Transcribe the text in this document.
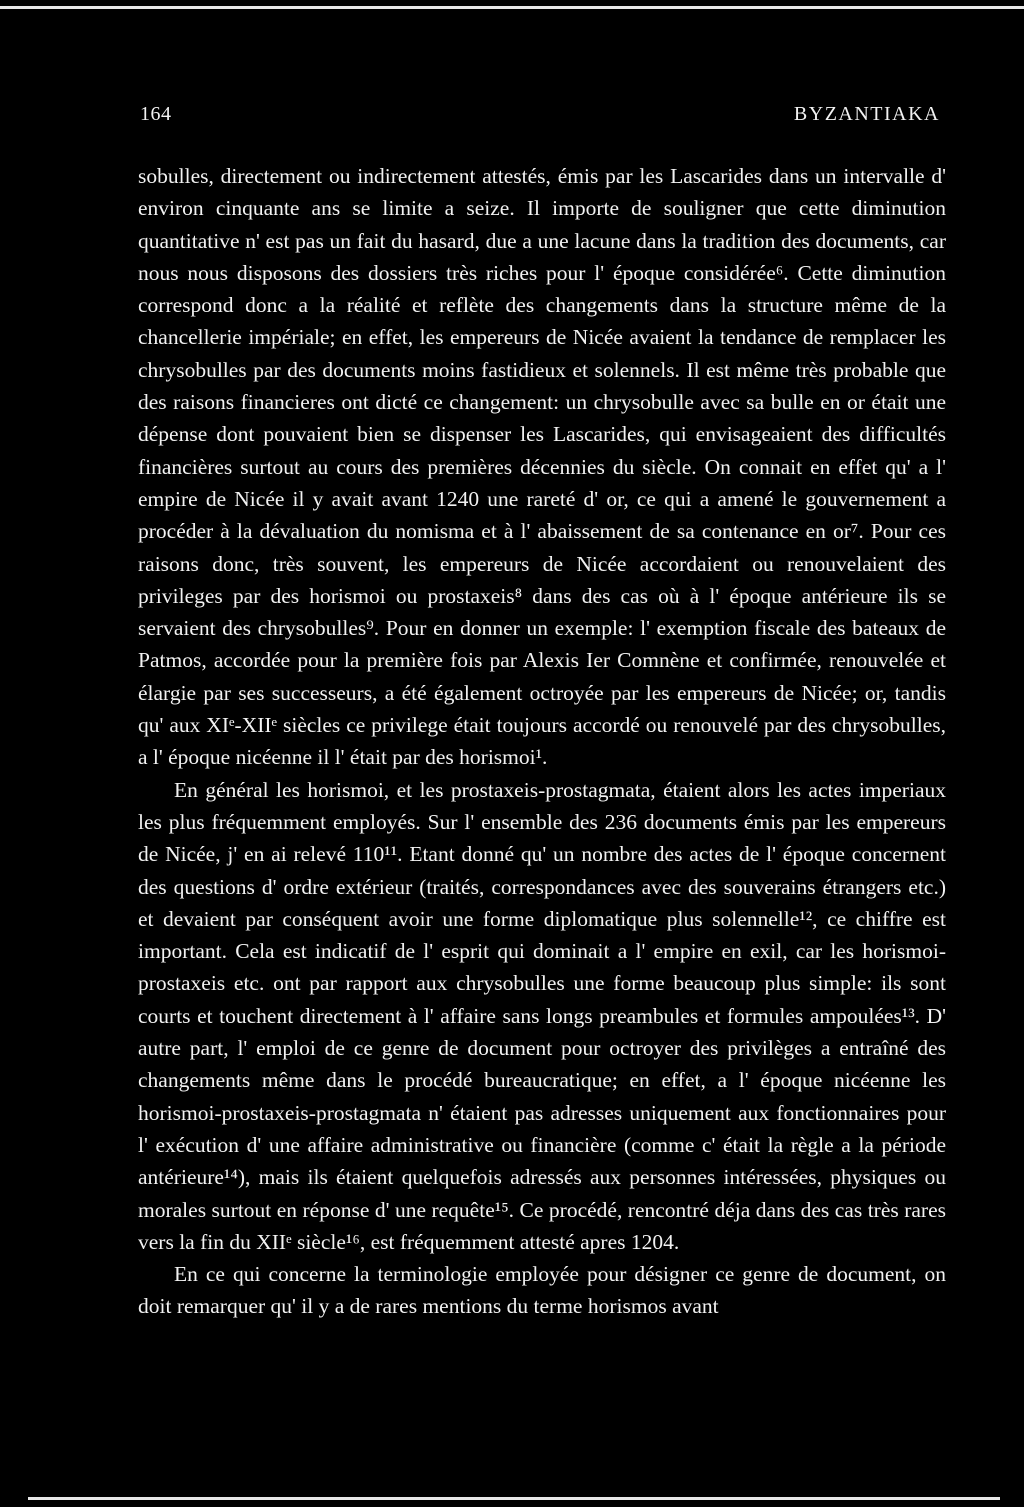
164	BYZANTIAKA

sobulles, directement ou indirectement attestés, émis par les Lascarides dans un intervalle d' environ cinquante ans se limite a seize. Il importe de souligner que cette diminution quantitative n' est pas un fait du hasard, due a une lacune dans la tradition des documents, car nous nous disposons des dossiers très riches pour l' époque considérée⁶. Cette diminution correspond donc a la réalité et reflète des changements dans la structure même de la chancellerie impériale; en effet, les empereurs de Nicée avaient la tendance de remplacer les chrysobulles par des documents moins fastidieux et solennels. Il est même très probable que des raisons financieres ont dicté ce changement: un chrysobulle avec sa bulle en or était une dépense dont pouvaient bien se dispenser les Lascarides, qui envisageaient des difficultés financières surtout au cours des premières décennies du siècle. On connait en effet qu' a l' empire de Nicée il y avait avant 1240 une rareté d' or, ce qui a amené le gouvernement a procéder à la dévaluation du nomisma et à l' abaissement de sa contenance en or⁷. Pour ces raisons donc, très souvent, les empereurs de Nicée accordaient ou renouvelaient des privileges par des horismoi ou prostaxeis⁸ dans des cas où à l' époque antérieure ils se servaient des chrysobulles⁹. Pour en donner un exemple: l' exemption fiscale des bateaux de Patmos, accordée pour la première fois par Alexis Ier Comnène et confirmée, renouvelée et élargie par ses successeurs, a été également octroyée par les empereurs de Nicée; or, tandis qu' aux XIᵉ-XIIᵉ siècles ce privilege était toujours accordé ou renouvelé par des chrysobulles, a l' époque nicéenne il l' était par des horismoi¹.

En général les horismoi, et les prostaxeis-prostagmata, étaient alors les actes imperiaux les plus fréquemment employés. Sur l' ensemble des 236 documents émis par les empereurs de Nicée, j' en ai relevé 110¹¹. Etant donné qu' un nombre des actes de l' époque concernent des questions d' ordre extérieur (traités, correspondances avec des souverains étrangers etc.) et devaient par conséquent avoir une forme diplomatique plus solennelle¹², ce chiffre est important. Cela est indicatif de l' esprit qui dominait a l' empire en exil, car les horismoi-prostaxeis etc. ont par rapport aux chrysobulles une forme beaucoup plus simple: ils sont courts et touchent directement à l' affaire sans longs preambules et formules ampoulées¹³. D' autre part, l' emploi de ce genre de document pour octroyer des privilèges a entraîné des changements même dans le procédé bureaucratique; en effet, a l' époque nicéenne les horismoi-prostaxeis-prostagmata n' étaient pas adresses uniquement aux fonctionnaires pour l' exécution d' une affaire administrative ou financière (comme c' était la règle a la période antérieure¹⁴), mais ils étaient quelquefois adressés aux personnes intéressées, physiques ou morales surtout en réponse d' une requête¹⁵. Ce procédé, rencontré déja dans des cas très rares vers la fin du XIIᵉ siècle¹⁶, est fréquemment attesté apres 1204.

En ce qui concerne la terminologie employée pour désigner ce genre de document, on doit remarquer qu' il y a de rares mentions du terme horismos avant
